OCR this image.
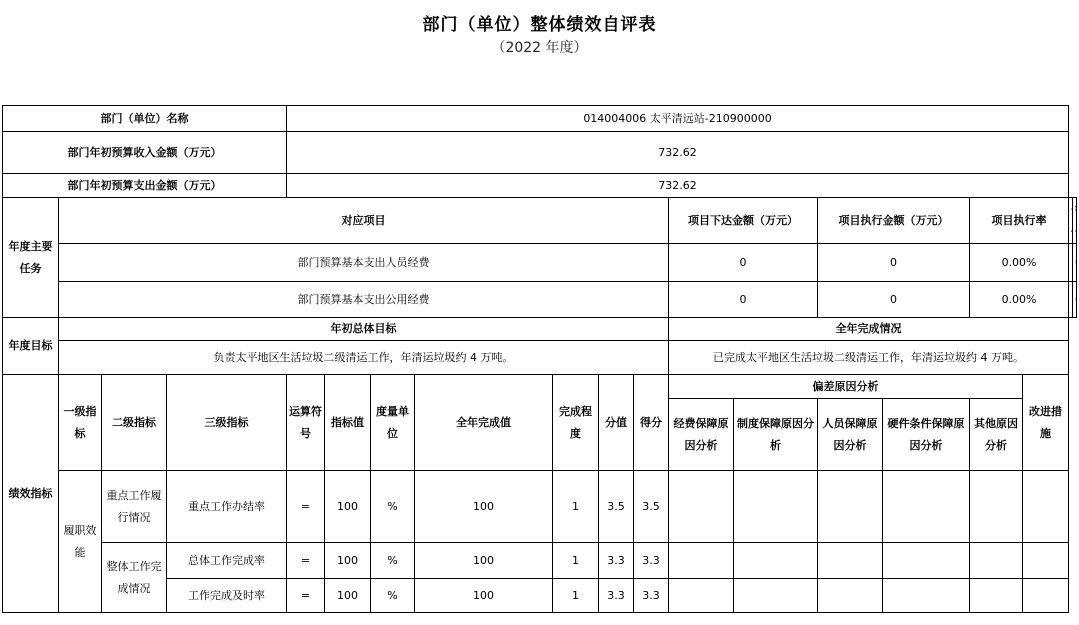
部门（单位）整体绩效自评表
（2022 年度）
部门（单位）名称				014004006 太平清远站-210900000														
部门年初预算收入金额（万元）				732.62														
部门年初预算支出金额（万元）				732.62														
年度主要任务	对应项目										项目下达金额（万元）		项目执行金额（万元）		项目执行率		
	部门预算基本支出人员经费										0		0		0.00%		
	部门预算基本支出公用经费										0		0		0.00%		
年度目标	年初总体目标										全年完成情况							
	负责太平地区生活垃圾二级清运工作，年清运垃圾约 4 万吨。										已完成太平地区生活垃圾二级清运工作，年清运垃圾约 4 万吨。							
绩效指标	一级指标	二级指标	三级指标	运算符号	指标值	度量单位	全年完成值	完成程度	分值	得分	偏差原因分析					改进措施		
											经费保障原因分析	制度保障原因分析	人员保障原因分析	硬件条件保障原因分析	其他原因分析			
	履职效能	重点工作履行情况	重点工作办结率	=	100	%	100	1	3.5	3.5								
		整体工作完成情况	总体工作完成率	=	100	%	100	1	3.3	3.3								
			工作完成及时率	=	100	%	100	1	3.3	3.3								
